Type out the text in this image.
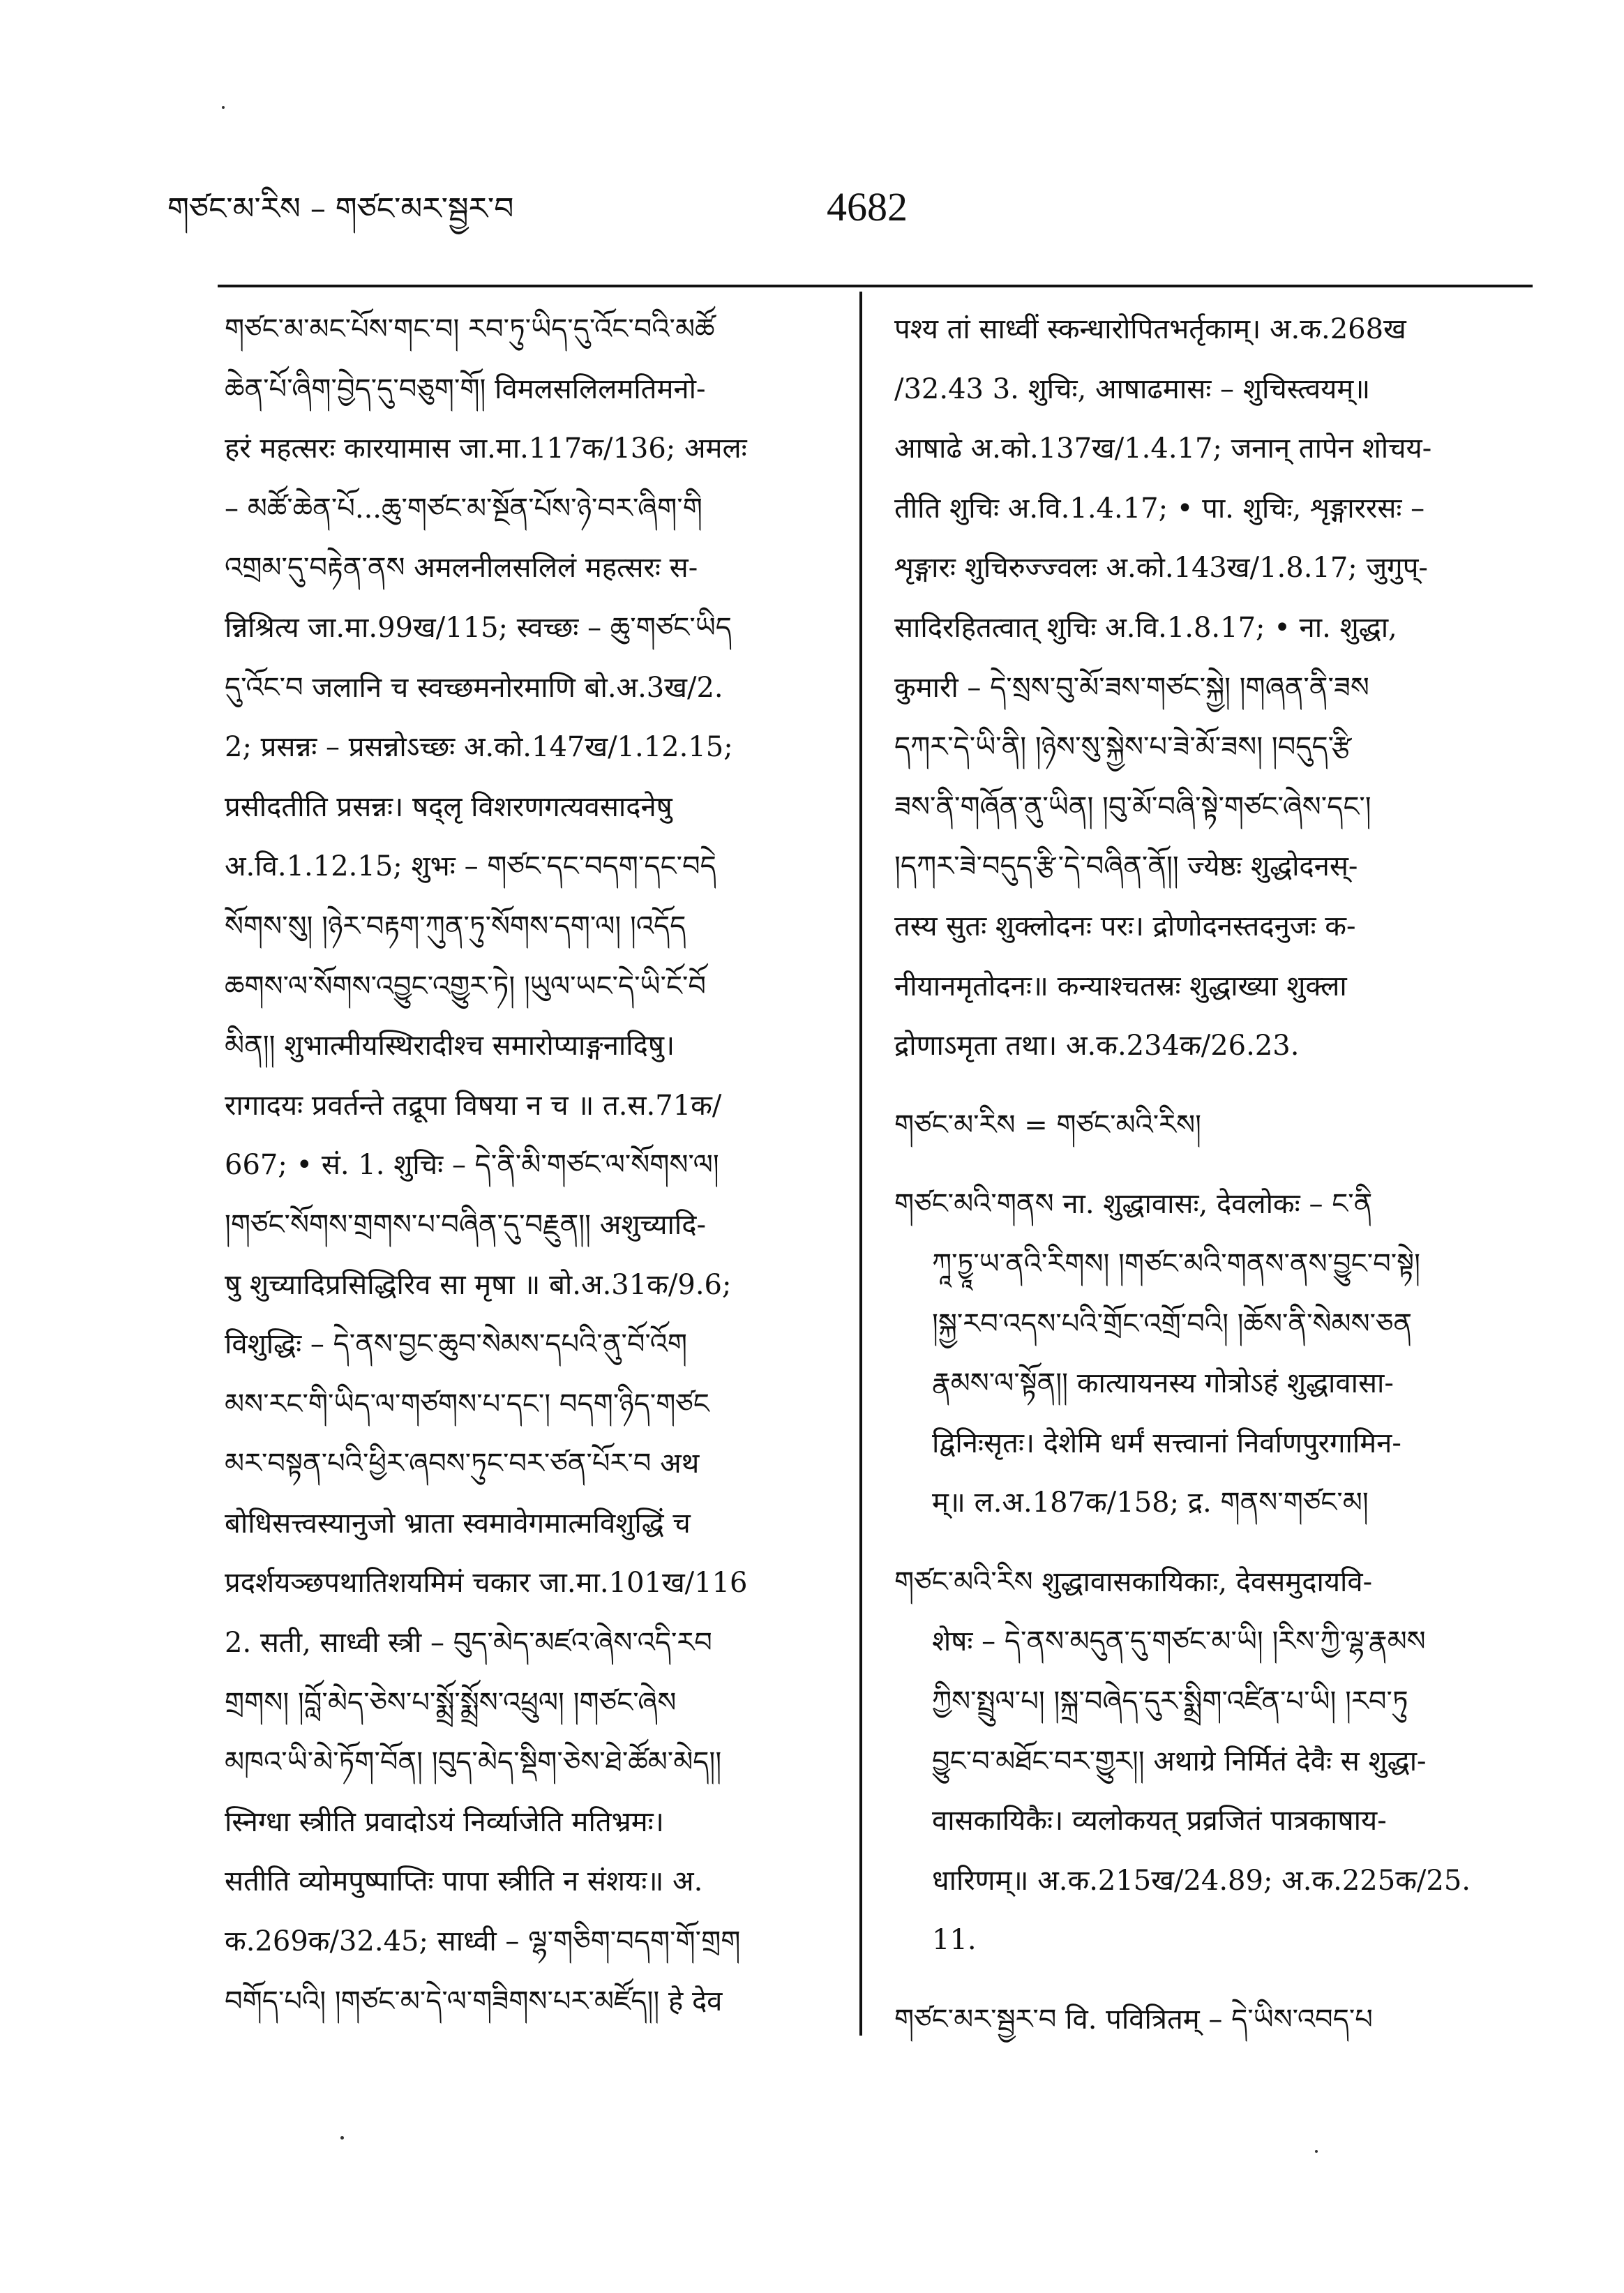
གཙང་མ་རིས – གཙང་མར་སྦྱར་བ	4682
གཙང་མ་མང་པོས་གང་བ། རབ་ཏུ་ཡིད་དུ་འོང་བའི་མཚོ
ཆེན་པོ་ཞིག་བྱེད་དུ་བཅུག་གོ། विमलसलिलमतिमनो-
हरं महत्सरः कारयामास जा.मा.117क/136; अमलः
– མཚོ་ཆེན་པོ...ཆུ་གཙང་མ་སྔོན་པོས་ཉེ་བར་ཞིག་གི
འགྲམ་དུ་བརྟེན་ནས अमलनीलसलिलं महत्सरः स-
न्निश्रित्य जा.मा.99ख/115; स्वच्छः – ཆུ་གཙང་ཡིད
དུ་འོང་བ जलानि च स्वच्छमनोरमाणि बो.अ.3ख/2.
2; प्रसन्नः – प्रसन्नोऽच्छः अ.को.147ख/1.12.15;
प्रसीदतीति प्रसन्नः। षद्लृ विशरणगत्यवसादनेषु
अ.वि.1.12.15; शुभः – གཙང་དང་བདག་དང་བདེ
སོགས་སུ། །ཉེར་བརྟག་ཀུན་ཏུ་སོགས་དག་ལ། །འདོད
ཆགས་ལ་སོགས་འབྱུང་འགྱུར་ཏེ། །ཡུལ་ཡང་དེ་ཡི་ངོ་བོ
མིན།། शुभात्मीयस्थिरादीश्च समारोप्याङ्गनादिषु।
रागादयः प्रवर्तन्ते तद्रूपा विषया न च ॥ त.स.71क/
667; • सं. 1. शुचिः – དེ་ནི་མི་གཙང་ལ་སོགས་ལ།
།གཙང་སོགས་གྲགས་པ་བཞིན་དུ་བརྗུན།། अशुच्यादि-
षु शुच्यादिप्रसिद्धिरिव सा मृषा ॥ बो.अ.31क/9.6;
विशुद्धिः – དེ་ནས་བྱང་ཆུབ་སེམས་དཔའི་ནུ་བོ་འོག
མས་རང་གི་ཡིད་ལ་གཙགས་པ་དང་། བདག་ཉིད་གཙང
མར་བསྟན་པའི་ཕྱིར་ཞབས་ཏུང་བར་ཙན་པོར་བ अथ
बोधिसत्त्वस्यानुजो भ्राता स्वमावेगमात्मविशुद्धिं च
प्रदर्शयञ्छपथातिशयमिमं चकार जा.मा.101ख/116
2. सती, साध्वी स्त्री – བུད་མེད་མཛའ་ཞེས་འདི་རབ
གྲགས། །བློ་མེད་ཅེས་པ་སྨྲོ་སྨྲོས་འཕྲུལ། །གཙང་ཞེས
མཁའ་ཡི་མེ་ཏོག་བོན། །བུད་མེད་སྡིག་ཅེས་ཐེ་ཚོམ་མེད།།
स्निग्धा स्त्रीति प्रवादोऽयं निर्व्याजेति मतिभ्रमः।
सतीति व्योमपुष्पाप्तिः पापा स्त्रीति न संशयः॥ अ.
क.269क/32.45; साध्वी – ལྷ་གཅིག་བདག་གོ་གྲག
བགོད་པའི། །གཙང་མ་དེ་ལ་གཟིགས་པར་མཛོད།། हे देव
पश्य तां साध्वीं स्कन्धारोपितभर्तृकाम्। अ.क.268ख
/32.43 3. शुचिः, आषाढमासः – शुचिस्त्वयम्॥
आषाढे अ.को.137ख/1.4.17; जनान् तापेन शोचय-
तीति शुचिः अ.वि.1.4.17; • पा. शुचिः, शृङ्गाररसः –
शृङ्गारः शुचिरुज्ज्वलः अ.को.143ख/1.8.17; जुगुप्-
सादिरहितत्वात् शुचिः अ.वि.1.8.17; • ना. शुद्धा,
कुमारी – དེ་སྲས་བུ་མོ་ཟས་གཙང་སྐྱེ། །གཞན་ནི་ཟས
དཀར་དེ་ཡི་ནི། །ཉེས་སུ་སྐྱེས་པ་ཟེ་མོ་ཟས། །བདུད་རྩི
ཟས་ནི་གཞོན་ནུ་ཡིན། །བུ་མོ་བཞི་སྟེ་གཙང་ཞེས་དང་།
།དཀར་ཟེ་བདུད་རྩི་དེ་བཞིན་ནོ།། ज्येष्ठः शुद्धोदनस्-
तस्य सुतः शुक्लोदनः परः। द्रोणोदनस्तदनुजः क-
नीयानमृतोदनः॥ कन्याश्चतस्रः शुद्धाख्या शुक्ला
द्रोणाऽमृता तथा। अ.क.234क/26.23.
གཙང་མ་རིས = གཙང་མའི་རིས།
གཙང་མའི་གནས ना. शुद्धावासः, देवलोकः – ང་ནི
ཀཱ་ཏྱཱ་ཡ་ནའི་རིགས། །གཙང་མའི་གནས་ནས་བྱུང་བ་སྟེ།
།སྐྱ་རབ་འདས་པའི་གྲོང་འགྲོ་བའི། །ཆོས་ནི་སེམས་ཅན
རྣམས་ལ་སྟོན།། कात्यायनस्य गोत्रोऽहं शुद्धावासा-
द्विनिःसृतः। देशेमि धर्मं सत्त्वानां निर्वाणपुरगामिन-
म्॥ ल.अ.187क/158; द्र. གནས་གཙང་མ།
གཙང་མའི་རིས शुद्धावासकायिकाः, देवसमुदायवि-
शेषः – དེ་ནས་མདུན་དུ་གཙང་མ་ཡི། །རིས་ཀྱི་ལྷ་རྣམས
ཀྱིས་སྤྲུལ་པ། །སྐྲ་བཞེད་དུར་སྨྲིག་འཛིན་པ་ཡི། །རབ་ཏུ
བྱུང་བ་མཐོང་བར་གྱུར།། अथाग्रे निर्मितं देवैः स शुद्धा-
वासकायिकैः। व्यलोकयत् प्रव्रजितं पात्रकाषाय-
धारिणम्॥ अ.क.215ख/24.89; अ.क.225क/25.
11.
གཙང་མར་སྦྱར་བ वि. पवित्रितम् – དེ་ཡིས་འབད་པ
